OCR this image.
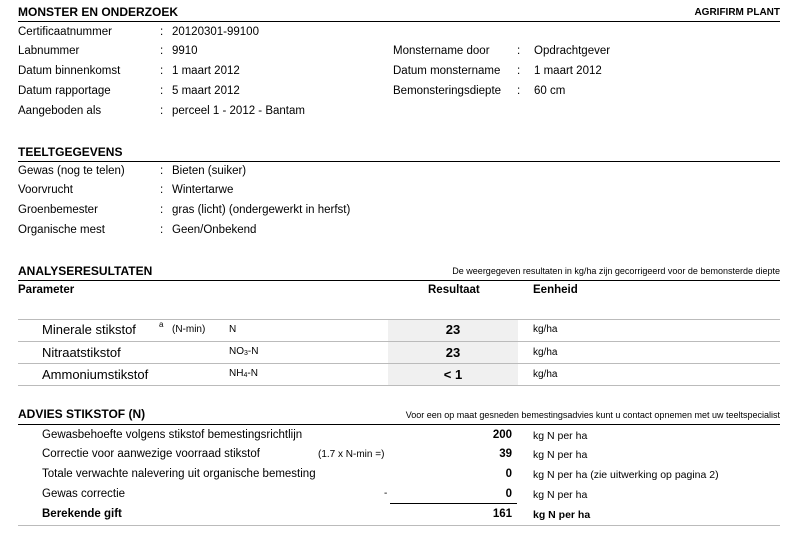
MONSTER EN ONDERZOEK	AGRIFIRM PLANT
Certificaatnummer	: 20120301-99100
Labnummer	: 9910
Datum binnenkomst	: 1 maart 2012
Datum rapportage	: 5 maart 2012
Aangeboden als	: perceel 1 - 2012 - Bantam
Monstername door : Opdrachtgever
Datum monstername : 1 maart 2012
Bemonsteringsdiepte : 60 cm
TEELTGEGEVENS
Gewas (nog te telen)	: Bieten (suiker)
Voorvrucht	: Wintertarwe
Groenbemester	: gras (licht) (ondergewerkt in herfst)
Organische mest	: Geen/Onbekend
ANALYSERESULTATEN	De weergegeven resultaten in kg/ha zijn gecorrigeerd voor de bemonsterde diepte
Parameter	Resultaat	Eenheid
Minerale stikstof	a (N-min) N	23	kg/ha
Nitraatstikstof	$NO_3-N$	23	kg/ha
Ammoniumstikstof	$NH_4-N$	< 1	kg/ha
ADVIES STIKSTOF (N)	Voor een op maat gesneden bemestingsadvies kunt u contact opnemen met uw teeltspecialist
Gewasbehoefte volgens stikstof bemestingsrichtlijn	200 kg N per ha
Correctie voor aanwezige voorraad stikstof	(1.7 x N-min =)	39 kg N per ha
Totale verwachte nalevering uit organische bemesting	0 kg N per ha (zie uitwerking op pagina 2)
Gewas correctie	-	0 kg N per ha
Berekende gift	161 kg N per ha
